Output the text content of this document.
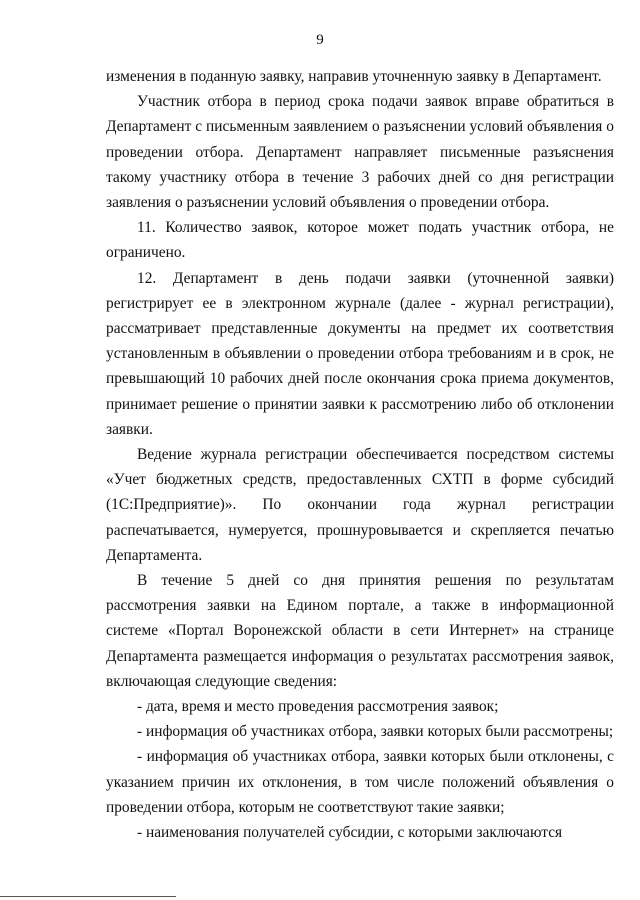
9

изменения в поданную заявку, направив уточненную заявку в Департамент.

Участник отбора в период срока подачи заявок вправе обратиться в Департамент с письменным заявлением о разъяснении условий объявления о проведении отбора. Департамент направляет письменные разъяснения такому участнику отбора в течение 3 рабочих дней со дня регистрации заявления о разъяснении условий объявления о проведении отбора.

11. Количество заявок, которое может подать участник отбора, не ограничено.

12. Департамент в день подачи заявки (уточненной заявки) регистрирует ее в электронном журнале (далее - журнал регистрации), рассматривает представленные документы на предмет их соответствия установленным в объявлении о проведении отбора требованиям и в срок, не превышающий 10 рабочих дней после окончания срока приема документов, принимает решение о принятии заявки к рассмотрению либо об отклонении заявки.

Ведение журнала регистрации обеспечивается посредством системы «Учет бюджетных средств, предоставленных СХТП в форме субсидий (1С:Предприятие)». По окончании года журнал регистрации распечатывается, нумеруется, прошнуровывается и скрепляется печатью Департамента.

В течение 5 дней со дня принятия решения по результатам рассмотрения заявки на Едином портале, а также в информационной системе «Портал Воронежской области в сети Интернет» на странице Департамента размещается информация о результатах рассмотрения заявок, включающая следующие сведения:

- дата, время и место проведения рассмотрения заявок;

- информация об участниках отбора, заявки которых были рассмотрены;

- информация об участниках отбора, заявки которых были отклонены, с указанием причин их отклонения, в том числе положений объявления о проведении отбора, которым не соответствуют такие заявки;

- наименования получателей субсидии, с которыми заключаются
